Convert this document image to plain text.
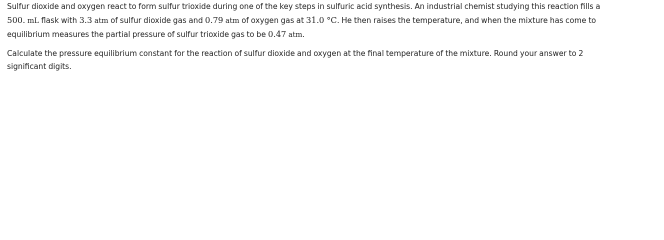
Sulfur dioxide and oxygen react to form sulfur trioxide during one of the key steps in sulfuric acid synthesis. An industrial chemist studying this reaction fills a
500. mL flask with 3.3 atm of sulfur dioxide gas and 0.79 atm of oxygen gas at 31.0 °C. He then raises the temperature, and when the mixture has come to
equilibrium measures the partial pressure of sulfur trioxide gas to be 0.47 atm.

Calculate the pressure equilibrium constant for the reaction of sulfur dioxide and oxygen at the final temperature of the mixture. Round your answer to 2
significant digits.
